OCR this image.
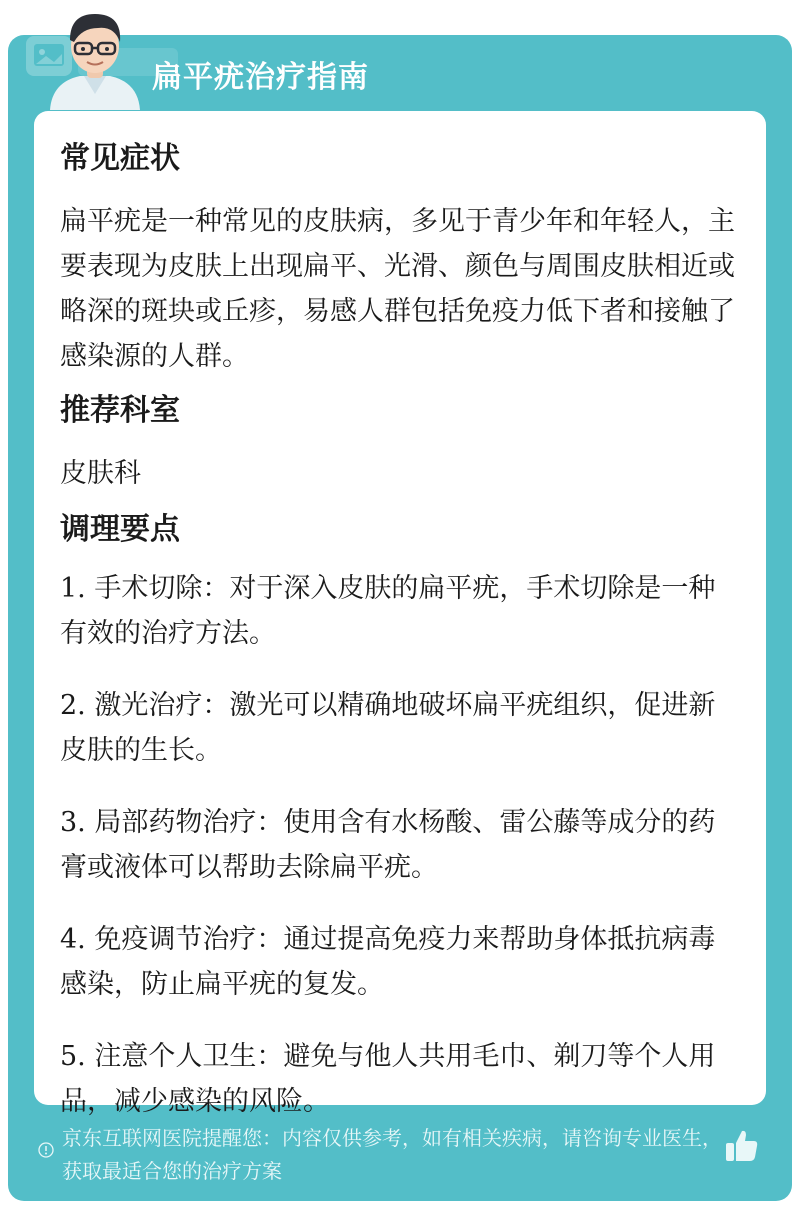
扁平疣治疗指南
常见症状

扁平疣是一种常见的皮肤病，多见于青少年和年轻人，主要表现为皮肤上出现扁平、光滑、颜色与周围皮肤相近或略深的斑块或丘疹，易感人群包括免疫力低下者和接触了感染源的人群。

推荐科室

皮肤科

调理要点

1. 手术切除：对于深入皮肤的扁平疣，手术切除是一种有效的治疗方法。

2. 激光治疗：激光可以精确地破坏扁平疣组织，促进新皮肤的生长。

3. 局部药物治疗：使用含有水杨酸、雷公藤等成分的药膏或液体可以帮助去除扁平疣。

4. 免疫调节治疗：通过提高免疫力来帮助身体抵抗病毒感染，防止扁平疣的复发。

5. 注意个人卫生：避免与他人共用毛巾、剃刀等个人用品，减少感染的风险。

京东互联网医院提醒您：内容仅供参考，如有相关疾病，请咨询专业医生，获取最适合您的治疗方案
